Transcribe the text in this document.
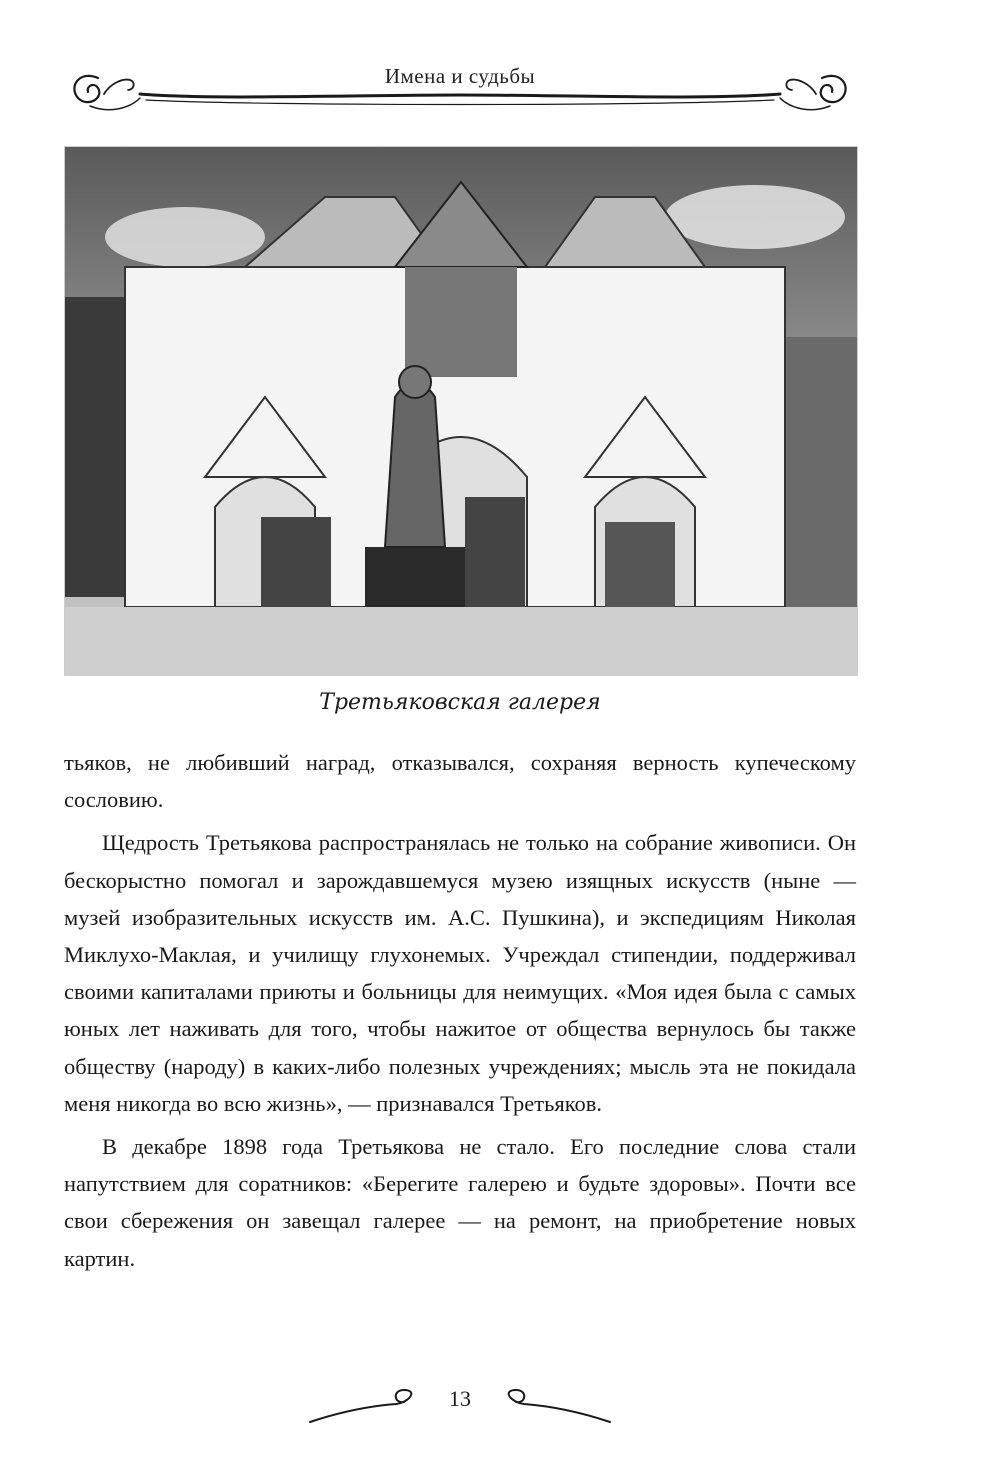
Имена и судьбы
Третьяковская галерея

тьяков, не любивший наград, отказывался, сохраняя верность купеческому сословию.

Щедрость Третьякова распространялась не только на собрание живописи. Он бескорыстно помогал и зарождавшемуся музею изящных искусств (ныне — музей изобразительных искусств им. А.С. Пушкина), и экспедициям Николая Миклухо-Маклая, и училищу глухонемых. Учреждал стипендии, поддерживал своими капиталами приюты и больницы для неимущих. «Моя идея была с самых юных лет наживать для того, чтобы нажитое от общества вернулось бы также обществу (народу) в каких-либо полезных учреждениях; мысль эта не покидала меня никогда во всю жизнь», — признавался Третьяков.

В декабре 1898 года Третьякова не стало. Его последние слова стали напутствием для соратников: «Берегите галерею и будьте здоровы». Почти все свои сбережения он завещал галерее — на ремонт, на приобретение новых картин.

13
